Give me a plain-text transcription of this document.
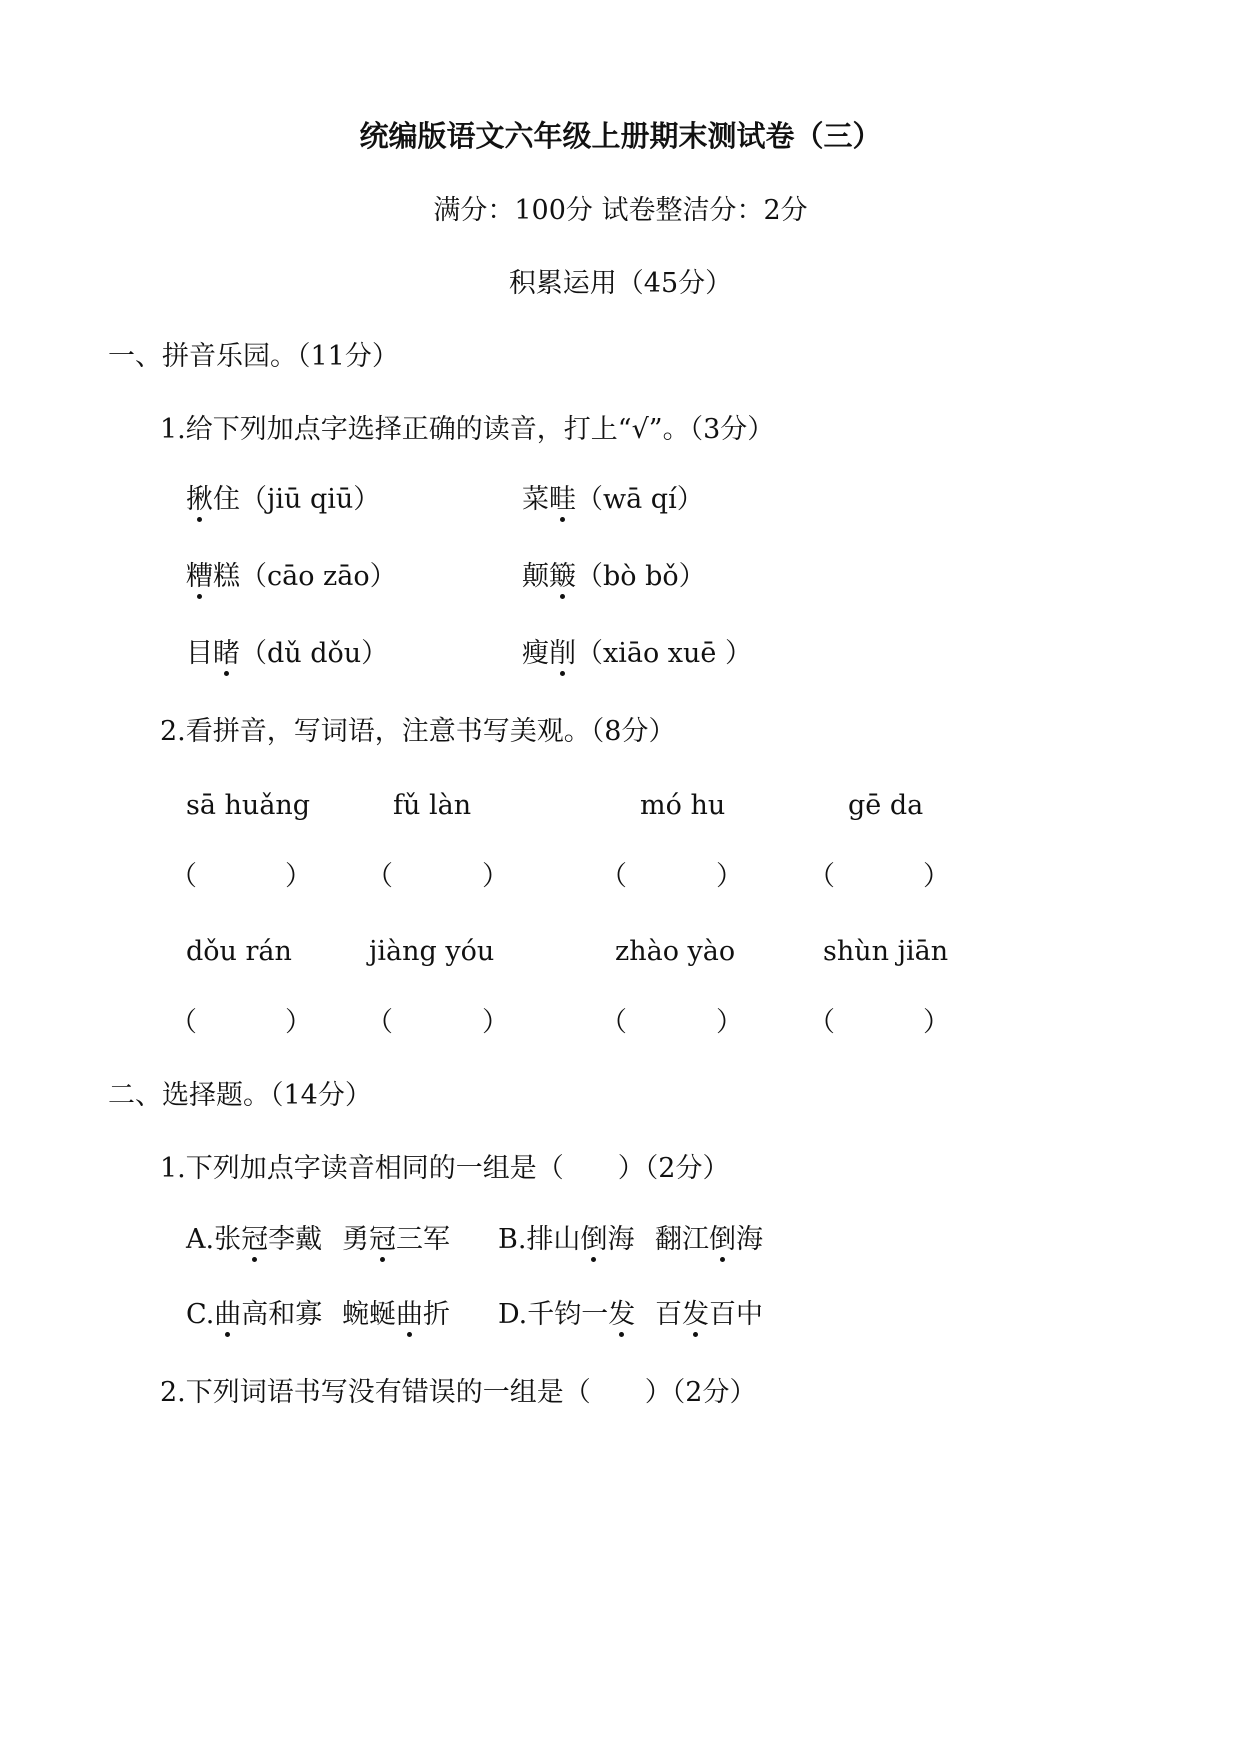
统编版语文六年级上册期末测试卷（三）
满分：100分 试卷整洁分：2分
积累运用（45分）
一、拼音乐园。（11分）
1.给下列加点字选择正确的读音，打上“√”。（3分）
揪住（jiū qiū）	菜畦（wā qí）
糟糕（cāo zāo）	颠簸（bò bǒ）
目睹（dǔ dǒu）	瘦削（xiāo xuē ）
2.看拼音，写词语，注意书写美观。（8分）
sā huǎng	fǔ làn	mó hu	gē da
（	） （	）	（	） （	）
dǒu rán	jiàng yóu	zhào yào	shùn jiān
（	） （	）	（	） （	）
二、选择题。（14分）
1.下列加点字读音相同的一组是（　　）（2分）
A.张冠李戴 勇冠三军 B.排山倒海 翻江倒海
C.曲高和寡 蜿蜒曲折 D.千钧一发 百发百中
2.下列词语书写没有错误的一组是（　　）（2分）
